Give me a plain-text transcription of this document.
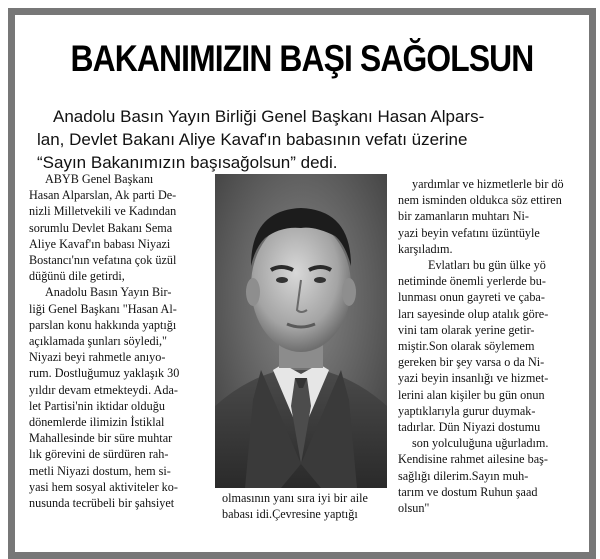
BAKANIMIZIN BAŞI SAĞOLSUN
Anadolu Basın Yayın Birliği Genel Başkanı Hasan Alpars-
lan, Devlet Bakanı Aliye Kavaf'ın babasının vefatı üzerine
“Sayın Bakanımızın başısağolsun” dedi.
ABYB Genel Başkanı
Hasan Alparslan, Ak parti De-
nizli Milletvekili ve Kadından
sorumlu Devlet Bakanı Sema
Aliye Kavaf'ın babası Niyazi
Bostancı'nın vefatına çok üzül
düğünü dile getirdi,
Anadolu Basın Yayın Bir-
liği Genel Başkanı "Hasan Al-
parslan konu hakkında yaptığı
açıklamada şunları söyledi,"
Niyazi beyi rahmetle anıyo-
rum. Dostluğumuz yaklaşık 30
yıldır devam etmekteydi. Ada-
let Partisi'nin iktidar olduğu
dönemlerde ilimizin İstiklal
Mahallesinde bir süre muhtar
lık görevini de sürdüren rah-
metli Niyazi dostum, hem si-
yasi hem sosyal aktiviteler ko-
nusunda tecrübeli bir şahsiyet	olmasının yanı sıra iyi bir aile
babası idi.Çevresine yaptığı
yardımlar ve hizmetlerle bir dö
nem isminden oldukca söz ettiren
bir zamanların muhtarı Ni-
yazi beyin vefatını üzüntüyle
karşıladım.
Evlatları bu gün ülke yö
netiminde önemli yerlerde bu-
lunması onun gayreti ve çaba-
ları sayesinde olup atalık göre-
vini tam olarak yerine getir-
miştir.Son olarak söylemem
gereken bir şey varsa o da Ni-
yazi beyin insanlığı ve hizmet-
lerini alan kişiler bu gün onun
yaptıklarıyla gurur duymak-
tadırlar. Dün Niyazi dostumu
son yolculuğuna uğurladım.
Kendisine rahmet ailesine baş-
sağlığı dilerim.Sayın muh-
tarım ve dostum Ruhun şaad
olsun"
